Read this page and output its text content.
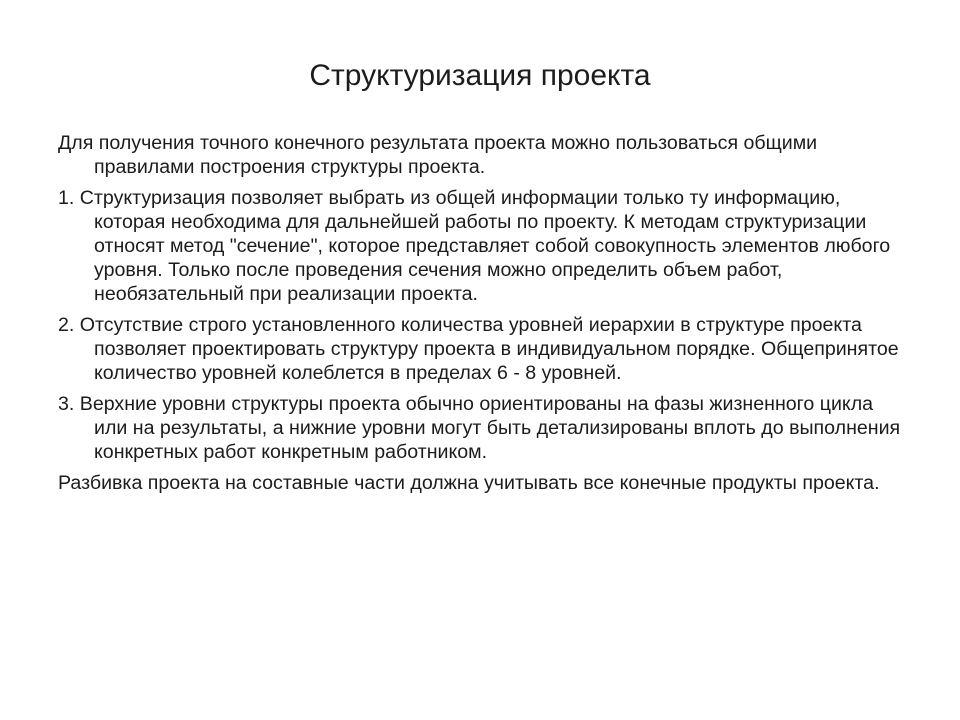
Структуризация проекта

Для получения точного конечного результата проекта можно пользоваться общими правилами построения структуры проекта.

1. Структуризация позволяет выбрать из общей информации только ту информацию, которая необходима для дальнейшей работы по проекту. К методам структуризации относят метод "сечение", которое представляет собой совокупность элементов любого уровня. Только после проведения сечения можно определить объем работ, необязательный при реализации проекта.

2. Отсутствие строго установленного количества уровней иерархии в структуре проекта позволяет проектировать структуру проекта в индивидуальном порядке. Общепринятое количество уровней колеблется в пределах 6 - 8 уровней.

3. Верхние уровни структуры проекта обычно ориентированы на фазы жизненного цикла или на результаты, а нижние уровни могут быть детализированы вплоть до выполнения конкретных работ конкретным работником.

Разбивка проекта на составные части должна учитывать все конечные продукты проекта.
